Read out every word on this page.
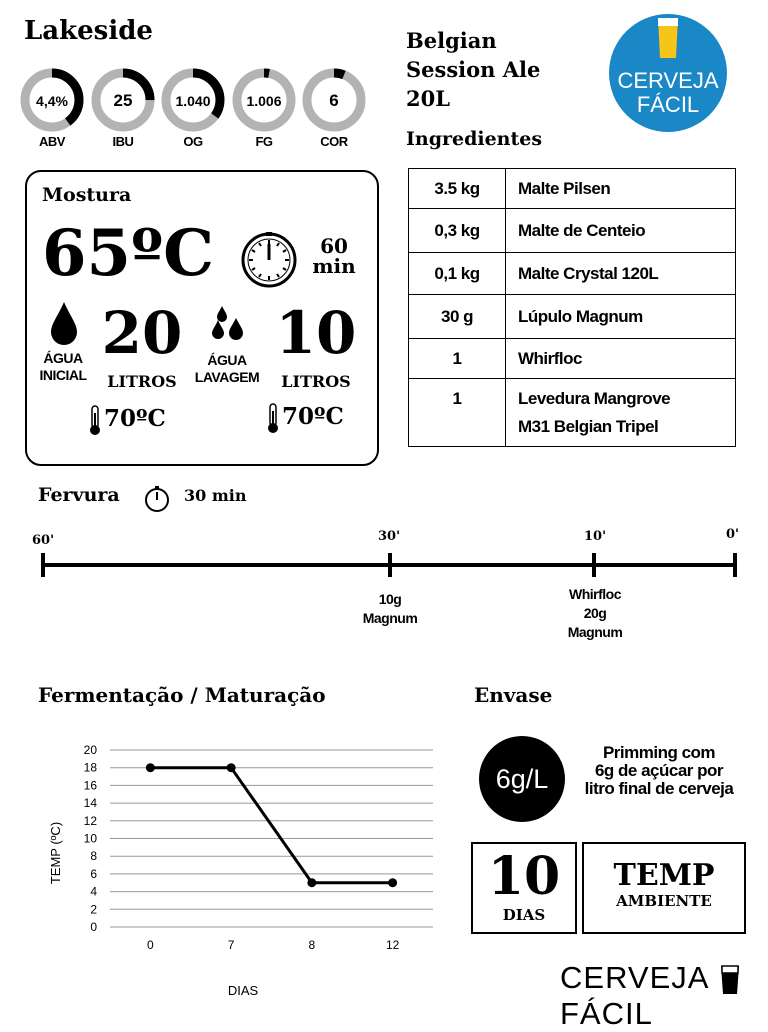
Lakeside	Belgian
Session Ale
20L
CERVEJA
FÁCIL
4,4%
ABV
25
IBU
1.040
OG
1.006
FG
6
COR
Mostura
65ºC	60
min
ÁGUA
INICIAL
20
LITROS
ÁGUA
LAVAGEM
10
LITROS
70ºC	70ºC
Ingredientes
3.5 kg	Malte Pilsen
0,3 kg	Malte de Centeio
0,1 kg	Malte Crystal 120L
30 g	Lúpulo Magnum
1	Whirfloc
1	Levedura Mangrove
M31 Belgian Tripel
Fervura	30 min
60'	30'	10'	0'
10g
Magnum
Whirfloc
20g
Magnum
Fermentação / Maturação
0
2
4
6
8
10
12
14
16
18
20
0	7	8	12
DIAS
TEMP (ºC)
Envase
6g/L
Primming com
6g de açúcar por
litro final de cerveja
10
DIAS
TEMP
AMBIENTE
CERVEJA FÁCIL
